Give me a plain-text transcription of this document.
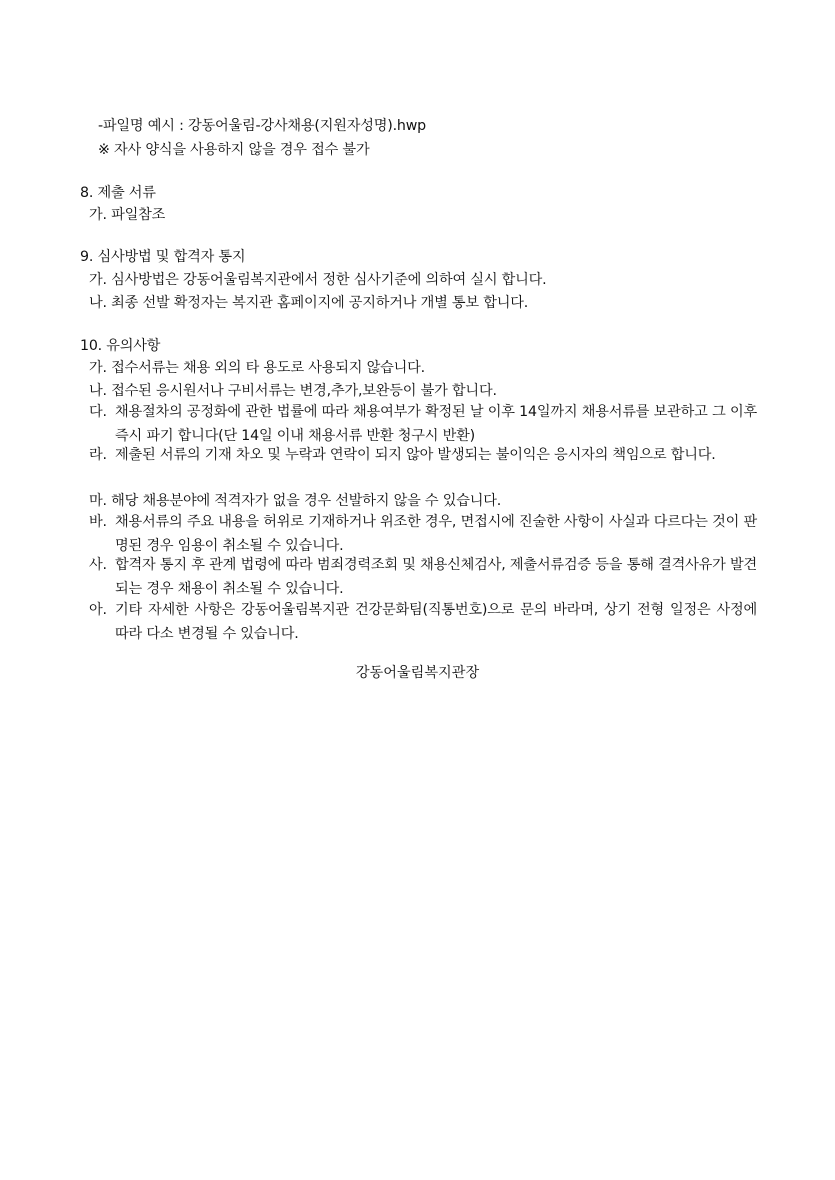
-파일명 예시 : 강동어울림-강사채용(지원자성명).hwp
※ 자사 양식을 사용하지 않을 경우 접수 불가
8. 제출 서류
가. 파일참조
9. 심사방법 및 합격자 통지
가. 심사방법은 강동어울림복지관에서 정한 심사기준에 의하여 실시 합니다.
나. 최종 선발 확정자는 복지관 홈페이지에 공지하거나 개별 통보 합니다.
10. 유의사항
가. 접수서류는 채용 외의 타 용도로 사용되지 않습니다.
나. 접수된 응시원서나 구비서류는 변경,추가,보완등이 불가 합니다.
다. 채용절차의 공정화에 관한 법률에 따라 채용여부가 확정된 날 이후 14일까지 채용서류를 보관하고 그 이후 즉시 파기 합니다(단 14일 이내 채용서류 반환 청구시 반환)
라. 제출된 서류의 기재 차오 및 누락과 연락이 되지 않아 발생되는 불이익은 응시자의 책임으로 합니다.
마. 해당 채용분야에 적격자가 없을 경우 선발하지 않을 수 있습니다.
바. 채용서류의 주요 내용을 허위로 기재하거나 위조한 경우, 면접시에 진술한 사항이 사실과 다르다는 것이 판명된 경우 임용이 취소될 수 있습니다.
사. 합격자 통지 후 관계 법령에 따라 범죄경력조회 및 채용신체검사, 제출서류검증 등을 통해 결격사유가 발견되는 경우 채용이 취소될 수 있습니다.
아. 기타 자세한 사항은 강동어울림복지관 건강문화팀(직통번호)으로 문의 바라며, 상기 전형 일정은 사정에 따라 다소 변경될 수 있습니다.
강동어울림복지관장
